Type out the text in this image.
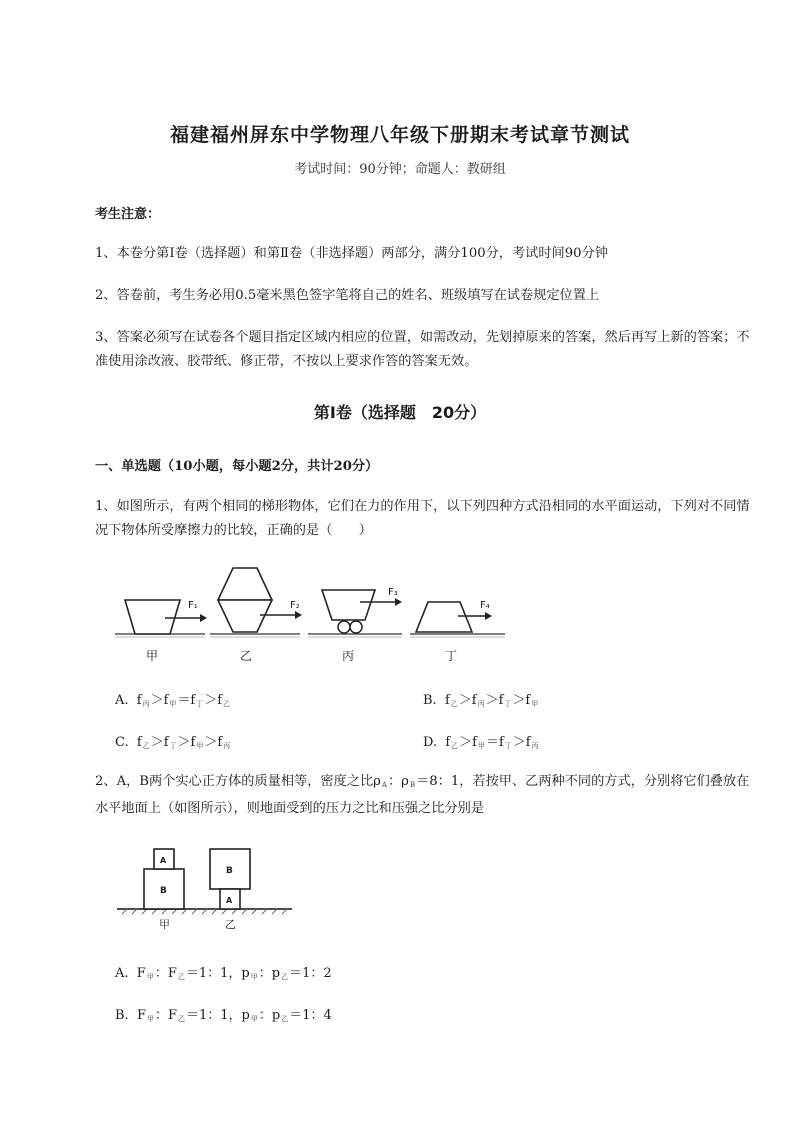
福建福州屏东中学物理八年级下册期末考试章节测试
考试时间：90分钟；命题人：教研组
考生注意：
1、本卷分第I卷（选择题）和第Ⅱ卷（非选择题）两部分，满分100分，考试时间90分钟
2、答卷前，考生务必用0.5毫米黑色签字笔将自己的姓名、班级填写在试卷规定位置上
3、答案必须写在试卷各个题目指定区域内相应的位置，如需改动，先划掉原来的答案，然后再写上新的答案；不准使用涂改液、胶带纸、修正带，不按以上要求作答的答案无效。
第I卷（选择题　20分）
一、单选题（10小题，每小题2分，共计20分）
1、如图所示，有两个相同的梯形物体，它们在力的作用下，以下列四种方式沿相同的水平面运动，下列对不同情况下物体所受摩擦力的比较，正确的是（　　）
F₁	F₂
F₃
F₄
甲	乙	丙	丁
A. $f_丙>f_甲=f_丁>f_乙$	B. $f_乙>f_丙>f_丁>f_甲$
C. $f_乙>f_丁>f_甲>f_丙$	D. $f_乙>f_甲=f_丁>f_丙$
2、A，B两个实心正方体的质量相等，密度之比$\rho_A$：$\rho_B=8$：1，若按甲、乙两种不同的方式，分别将它们叠放在水平地面上（如图所示），则地面受到的压力之比和压强之比分别是
B
A
B
A
甲	乙
A. $F_甲$：$F_乙=1$：1，$p_甲$：$p_乙=1$：2
B. $F_甲$：$F_乙=1$：1，$p_甲$：$p_乙=1$：4
